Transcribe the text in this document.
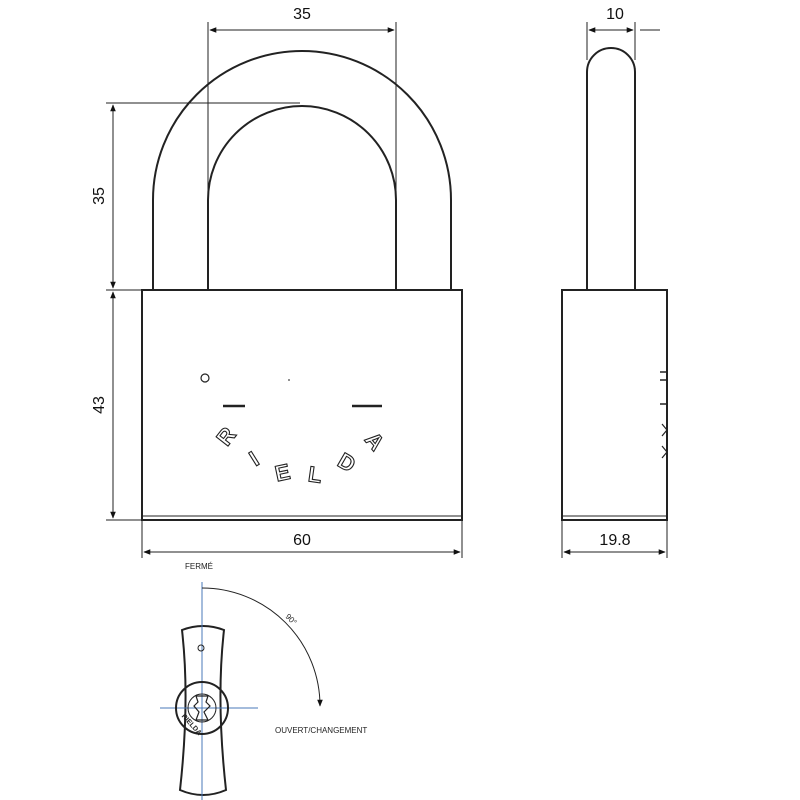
R
I
E L D
A
35
35
43
60
10
19.8
FERMÉ
90°
OUVERT/CHANGEMENT
RIELDA
